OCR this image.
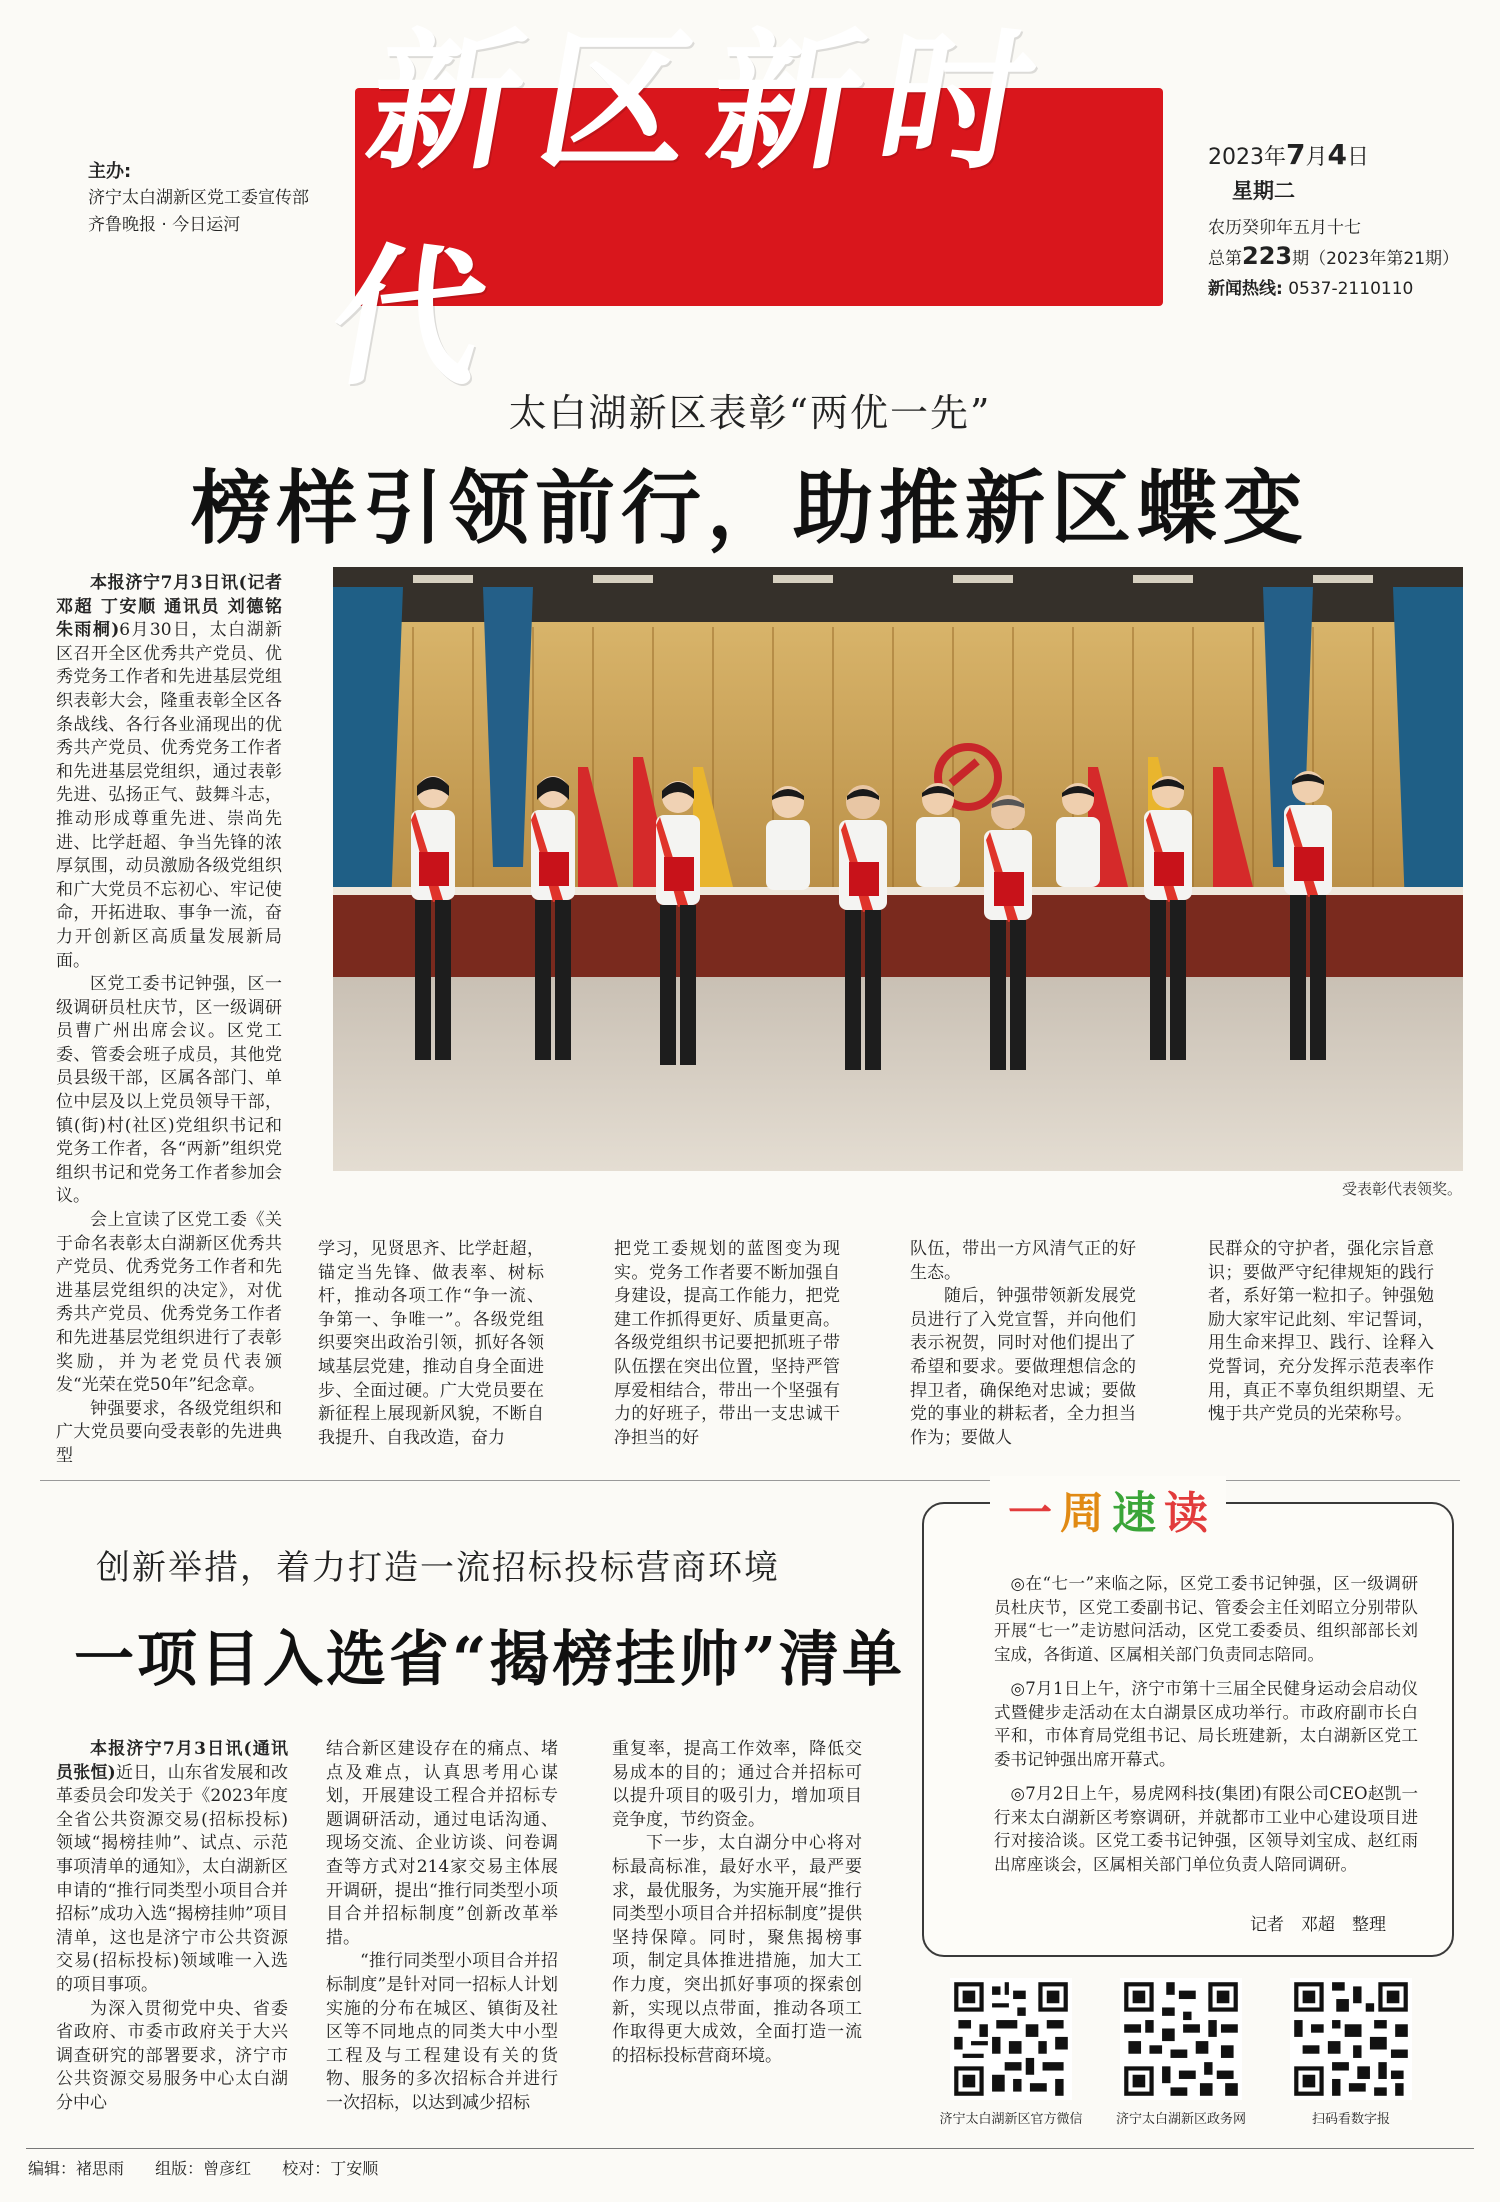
主办:
济宁太白湖新区党工委宣传部
齐鲁晚报 · 今日运河
新区新时代
2023年7月4日
星期二
农历癸卯年五月十七
总第223期（2023年第21期）
新闻热线: 0537-2110110
太白湖新区表彰“两优一先”
榜样引领前行，助推新区蝶变

本报济宁7月3日讯(记者邓超 丁安顺 通讯员 刘德铭 朱雨桐)6月30日，太白湖新区召开全区优秀共产党员、优秀党务工作者和先进基层党组织表彰大会，隆重表彰全区各条战线、各行各业涌现出的优秀共产党员、优秀党务工作者和先进基层党组织，通过表彰先进、弘扬正气、鼓舞斗志，推动形成尊重先进、崇尚先进、比学赶超、争当先锋的浓厚氛围，动员激励各级党组织和广大党员不忘初心、牢记使命，开拓进取、事争一流，奋力开创新区高质量发展新局面。

区党工委书记钟强，区一级调研员杜庆节，区一级调研员曹广州出席会议。区党工委、管委会班子成员，其他党员县级干部，区属各部门、单位中层及以上党员领导干部，镇(街)村(社区)党组织书记和党务工作者，各“两新”组织党组织书记和党务工作者参加会议。

会上宣读了区党工委《关于命名表彰太白湖新区优秀共产党员、优秀党务工作者和先进基层党组织的决定》，对优秀共产党员、优秀党务工作者和先进基层党组织进行了表彰奖励，并为老党员代表颁发“光荣在党50年”纪念章。

钟强要求，各级党组织和广大党员要向受表彰的先进典型

受表彰代表领奖。

学习，见贤思齐、比学赶超，锚定当先锋、做表率、树标杆，推动各项工作“争一流、争第一、争唯一”。各级党组织要突出政治引领，抓好各领域基层党建，推动自身全面进步、全面过硬。广大党员要在新征程上展现新风貌，不断自我提升、自我改造，奋力

把党工委规划的蓝图变为现实。党务工作者要不断加强自身建设，提高工作能力，把党建工作抓得更好、质量更高。各级党组织书记要把抓班子带队伍摆在突出位置，坚持严管厚爱相结合，带出一个坚强有力的好班子，带出一支忠诚干净担当的好

队伍，带出一方风清气正的好生态。

随后，钟强带领新发展党员进行了入党宣誓，并向他们表示祝贺，同时对他们提出了希望和要求。要做理想信念的捍卫者，确保绝对忠诚；要做党的事业的耕耘者，全力担当作为；要做人

民群众的守护者，强化宗旨意识；要做严守纪律规矩的践行者，系好第一粒扣子。钟强勉励大家牢记此刻、牢记誓词，用生命来捍卫、践行、诠释入党誓词，充分发挥示范表率作用，真正不辜负组织期望、无愧于共产党员的光荣称号。

创新举措，着力打造一流招标投标营商环境
一项目入选省“揭榜挂帅”清单

本报济宁7月3日讯(通讯员张恒)近日，山东省发展和改革委员会印发关于《2023年度全省公共资源交易(招标投标)领域“揭榜挂帅”、试点、示范事项清单的通知》，太白湖新区申请的“推行同类型小项目合并招标”成功入选“揭榜挂帅”项目清单，这也是济宁市公共资源交易(招标投标)领域唯一入选的项目事项。

为深入贯彻党中央、省委省政府、市委市政府关于大兴调查研究的部署要求，济宁市公共资源交易服务中心太白湖分中心

结合新区建设存在的痛点、堵点及难点，认真思考用心谋划，开展建设工程合并招标专题调研活动，通过电话沟通、现场交流、企业访谈、问卷调查等方式对214家交易主体展开调研，提出“推行同类型小项目合并招标制度”创新改革举措。

“推行同类型小项目合并招标制度”是针对同一招标人计划实施的分布在城区、镇街及社区等不同地点的同类大中小型工程及与工程建设有关的货物、服务的多次招标合并进行一次招标，以达到减少招标

重复率，提高工作效率，降低交易成本的目的；通过合并招标可以提升项目的吸引力，增加项目竞争度，节约资金。

下一步，太白湖分中心将对标最高标准，最好水平，最严要求，最优服务，为实施开展“推行同类型小项目合并招标制度”提供坚持保障。同时，聚焦揭榜事项，制定具体推进措施，加大工作力度，突出抓好事项的探索创新，实现以点带面，推动各项工作取得更大成效，全面打造一流的招标投标营商环境。

一 周 速 读

◎在“七一”来临之际，区党工委书记钟强，区一级调研员杜庆节，区党工委副书记、管委会主任刘昭立分别带队开展“七一”走访慰问活动，区党工委委员、组织部部长刘宝成，各街道、区属相关部门负责同志陪同。

◎7月1日上午，济宁市第十三届全民健身运动会启动仪式暨健步走活动在太白湖景区成功举行。市政府副市长白平和，市体育局党组书记、局长班建新，太白湖新区党工委书记钟强出席开幕式。

◎7月2日上午，易虎网科技(集团)有限公司CEO赵凯一行来太白湖新区考察调研，并就都市工业中心建设项目进行对接洽谈。区党工委书记钟强，区领导刘宝成、赵红雨出席座谈会，区属相关部门单位负责人陪同调研。

记者　邓超　整理
济宁太白湖新区官方微信	济宁太白湖新区政务网	扫码看数字报
编辑：褚思雨 组版：曾彦红 校对：丁安顺
